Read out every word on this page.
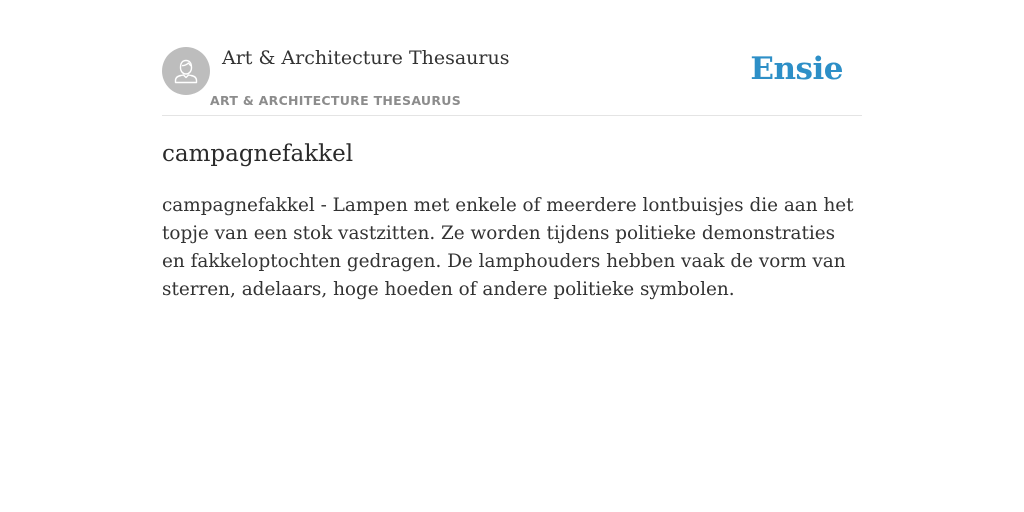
Art & Architecture Thesaurus
ART & ARCHITECTURE THESAURUS
Ensie
campagnefakkel

campagnefakkel - Lampen met enkele of meerdere lontbuisjes die aan het topje van een stok vastzitten. Ze worden tijdens politieke demonstraties en fakkeloptochten gedragen. De lamphouders hebben vaak de vorm van sterren, adelaars, hoge hoeden of andere politieke symbolen.
